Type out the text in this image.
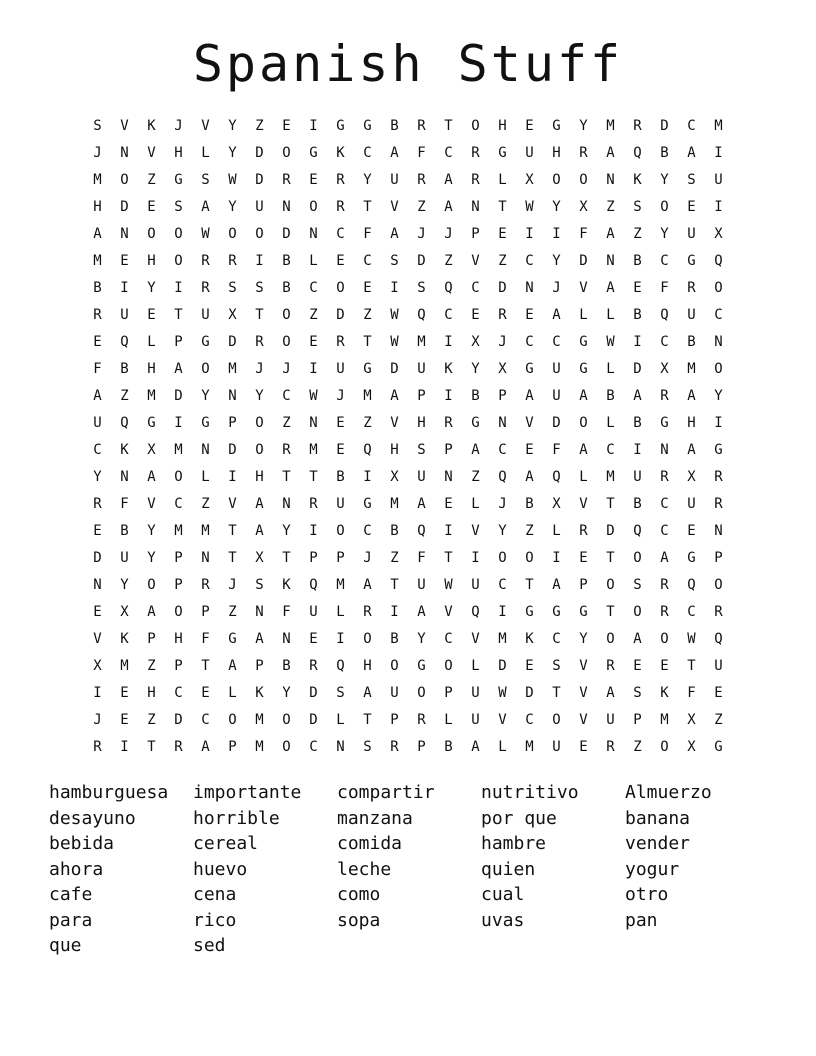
Spanish Stuff
S	V	K	J	V	Y	Z	E	I	G	G	B	R	T	O	H	E	G	Y	M	R	D	C	M
J	N	V	H	L	Y	D	O	G	K	C	A	F	C	R	G	U	H	R	A	Q	B	A	I
M	O	Z	G	S	W	D	R	E	R	Y	U	R	A	R	L	X	O	O	N	K	Y	S	U
H	D	E	S	A	Y	U	N	O	R	T	V	Z	A	N	T	W	Y	X	Z	S	O	E	I
A	N	O	O	W	O	O	D	N	C	F	A	J	J	P	E	I	I	F	A	Z	Y	U	X
M	E	H	O	R	R	I	B	L	E	C	S	D	Z	V	Z	C	Y	D	N	B	C	G	Q
B	I	Y	I	R	S	S	B	C	O	E	I	S	Q	C	D	N	J	V	A	E	F	R	O
R	U	E	T	U	X	T	O	Z	D	Z	W	Q	C	E	R	E	A	L	L	B	Q	U	C
E	Q	L	P	G	D	R	O	E	R	T	W	M	I	X	J	C	C	G	W	I	C	B	N
F	B	H	A	O	M	J	J	I	U	G	D	U	K	Y	X	G	U	G	L	D	X	M	O
A	Z	M	D	Y	N	Y	C	W	J	M	A	P	I	B	P	A	U	A	B	A	R	A	Y
U	Q	G	I	G	P	O	Z	N	E	Z	V	H	R	G	N	V	D	O	L	B	G	H	I
C	K	X	M	N	D	O	R	M	E	Q	H	S	P	A	C	E	F	A	C	I	N	A	G
Y	N	A	O	L	I	H	T	T	B	I	X	U	N	Z	Q	A	Q	L	M	U	R	X	R
R	F	V	C	Z	V	A	N	R	U	G	M	A	E	L	J	B	X	V	T	B	C	U	R
E	B	Y	M	M	T	A	Y	I	O	C	B	Q	I	V	Y	Z	L	R	D	Q	C	E	N
D	U	Y	P	N	T	X	T	P	P	J	Z	F	T	I	O	O	I	E	T	O	A	G	P
N	Y	O	P	R	J	S	K	Q	M	A	T	U	W	U	C	T	A	P	O	S	R	Q	O
E	X	A	O	P	Z	N	F	U	L	R	I	A	V	Q	I	G	G	G	T	O	R	C	R
V	K	P	H	F	G	A	N	E	I	O	B	Y	C	V	M	K	C	Y	O	A	O	W	Q
X	M	Z	P	T	A	P	B	R	Q	H	O	G	O	L	D	E	S	V	R	E	E	T	U
I	E	H	C	E	L	K	Y	D	S	A	U	O	P	U	W	D	T	V	A	S	K	F	E
J	E	Z	D	C	O	M	O	D	L	T	P	R	L	U	V	C	O	V	U	P	M	X	Z
R	I	T	R	A	P	M	O	C	N	S	R	P	B	A	L	M	U	E	R	Z	O	X	G
hamburguesa	importante	compartir	nutritivo	Almuerzo
desayuno	horrible	manzana	por que	banana
bebida	cereal	comida	hambre	vender
ahora	huevo	leche	quien	yogur
cafe	cena	como	cual	otro
para	rico	sopa	uvas	pan
que	sed
